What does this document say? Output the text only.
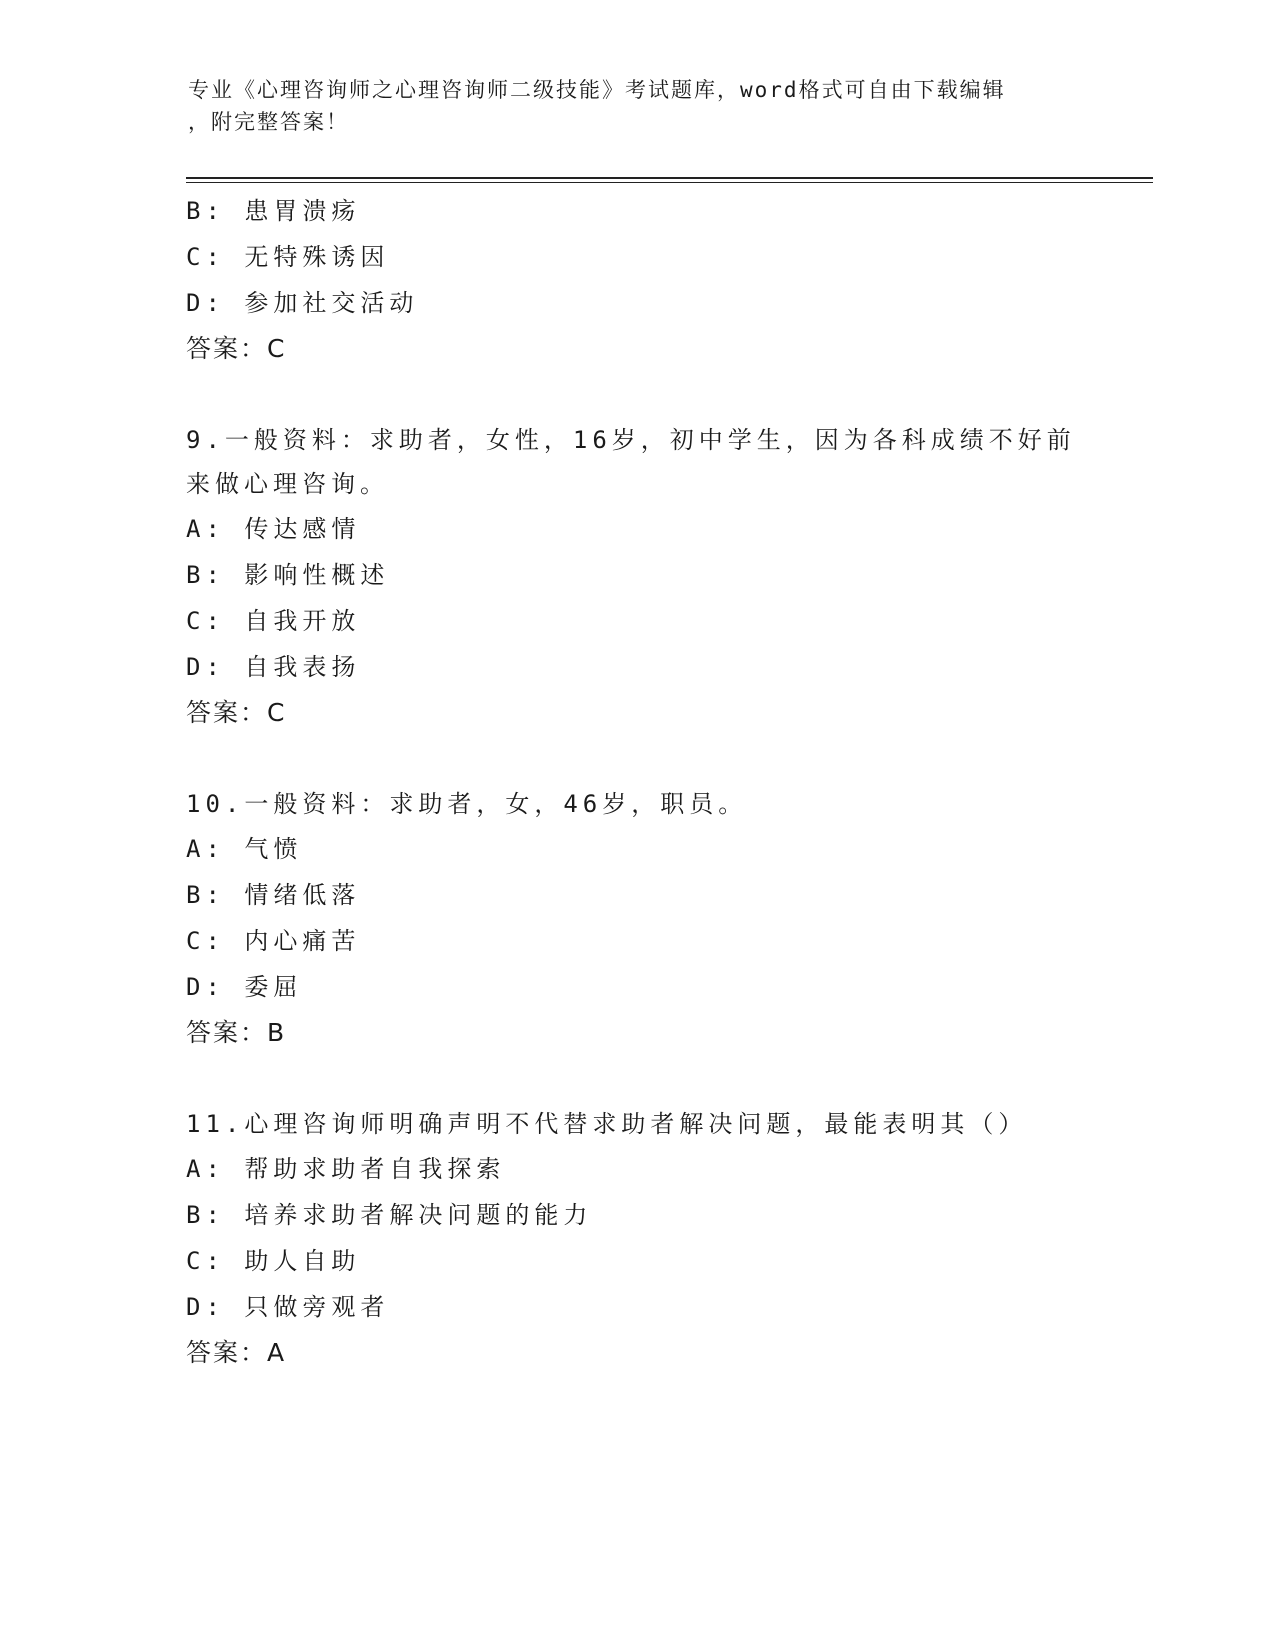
专业《心理咨询师之心理咨询师二级技能》考试题库，word格式可自由下载编辑
，附完整答案！
B: 患胃溃疡
C: 无特殊诱因
D: 参加社交活动
答案：C
9.一般资料：求助者，女性，16岁，初中学生，因为各科成绩不好前
来做心理咨询。
A: 传达感情
B: 影响性概述
C: 自我开放
D: 自我表扬
答案：C
10.一般资料：求助者，女，46岁，职员。
A: 气愤
B: 情绪低落
C: 内心痛苦
D: 委屈
答案：B
11.心理咨询师明确声明不代替求助者解决问题，最能表明其（）
A: 帮助求助者自我探索
B: 培养求助者解决问题的能力
C: 助人自助
D: 只做旁观者
答案：A
